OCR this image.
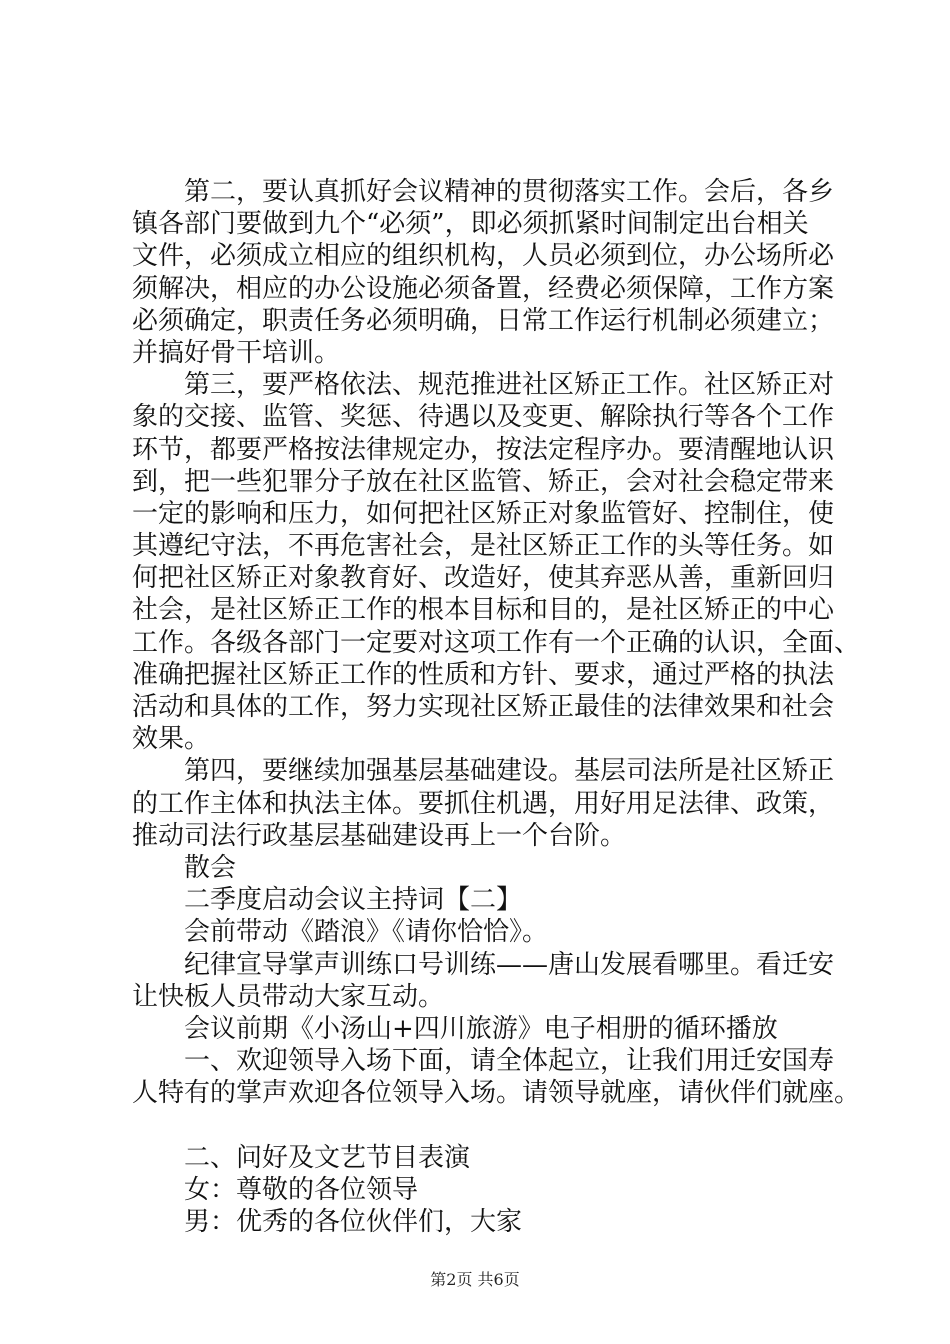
第二，要认真抓好会议精神的贯彻落实工作。会后，各乡
镇各部门要做到九个“必须”，即必须抓紧时间制定出台相关
文件，必须成立相应的组织机构，人员必须到位，办公场所必
须解决，相应的办公设施必须备置，经费必须保障，工作方案
必须确定，职责任务必须明确，日常工作运行机制必须建立；
并搞好骨干培训。
第三，要严格依法、规范推进社区矫正工作。社区矫正对
象的交接、监管、奖惩、待遇以及变更、解除执行等各个工作
环节，都要严格按法律规定办，按法定程序办。要清醒地认识
到，把一些犯罪分子放在社区监管、矫正，会对社会稳定带来
一定的影响和压力，如何把社区矫正对象监管好、控制住，使
其遵纪守法，不再危害社会，是社区矫正工作的头等任务。如
何把社区矫正对象教育好、改造好，使其弃恶从善，重新回归
社会，是社区矫正工作的根本目标和目的，是社区矫正的中心
工作。各级各部门一定要对这项工作有一个正确的认识，全面、
准确把握社区矫正工作的性质和方针、要求，通过严格的执法
活动和具体的工作，努力实现社区矫正最佳的法律效果和社会
效果。
第四，要继续加强基层基础建设。基层司法所是社区矫正
的工作主体和执法主体。要抓住机遇，用好用足法律、政策，
推动司法行政基层基础建设再上一个台阶。
散会
二季度启动会议主持词【二】
会前带动《踏浪》《请你恰恰》。
纪律宣导掌声训练口号训练——唐山发展看哪里。看迁安
让快板人员带动大家互动。
会议前期《小汤山+四川旅游》电子相册的循环播放
一、欢迎领导入场下面，请全体起立，让我们用迁安国寿
人特有的掌声欢迎各位领导入场。请领导就座，请伙伴们就座。
二、问好及文艺节目表演
女：尊敬的各位领导
男：优秀的各位伙伴们，大家
第2页 共6页
